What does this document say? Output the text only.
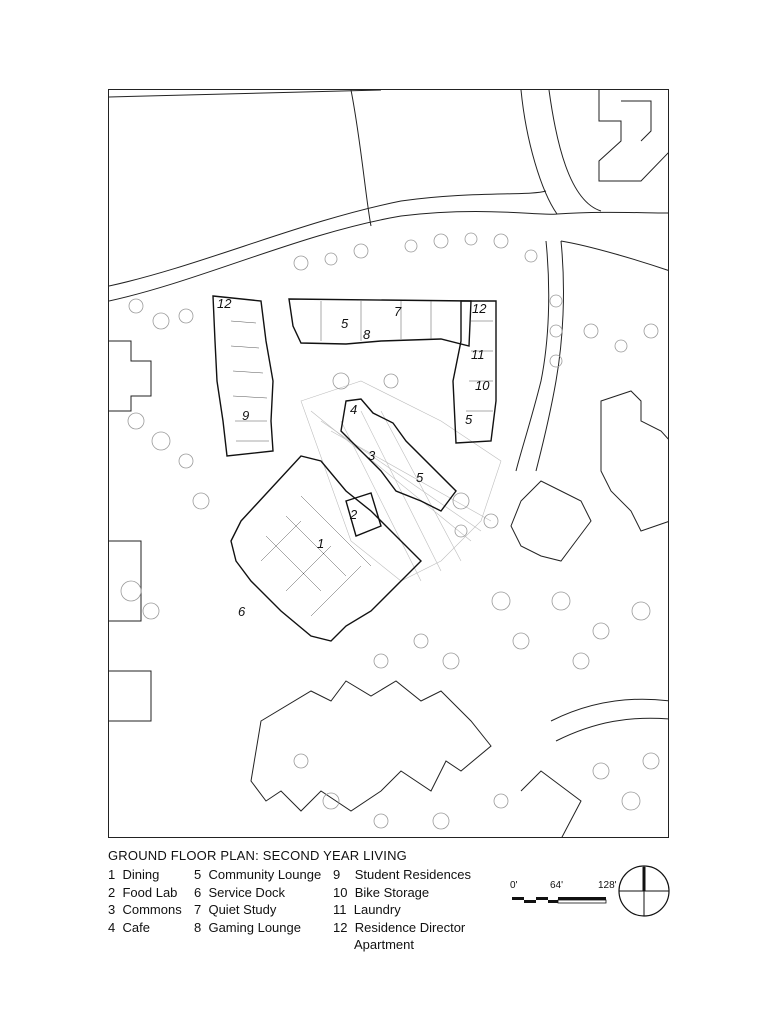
1
2
3
4
5
5
5
6
7
8
9
10
11
12	12
GROUND FLOOR PLAN: SECOND YEAR LIVING
1 Dining
2 Food Lab
3 Commons
4 Cafe
5 Community Lounge
6 Service Dock
7 Quiet Study
8 Gaming Lounge
9 Student Residences
10 Bike Storage
11 Laundry
12 Residence Director
Apartment
0'	64'	128'
